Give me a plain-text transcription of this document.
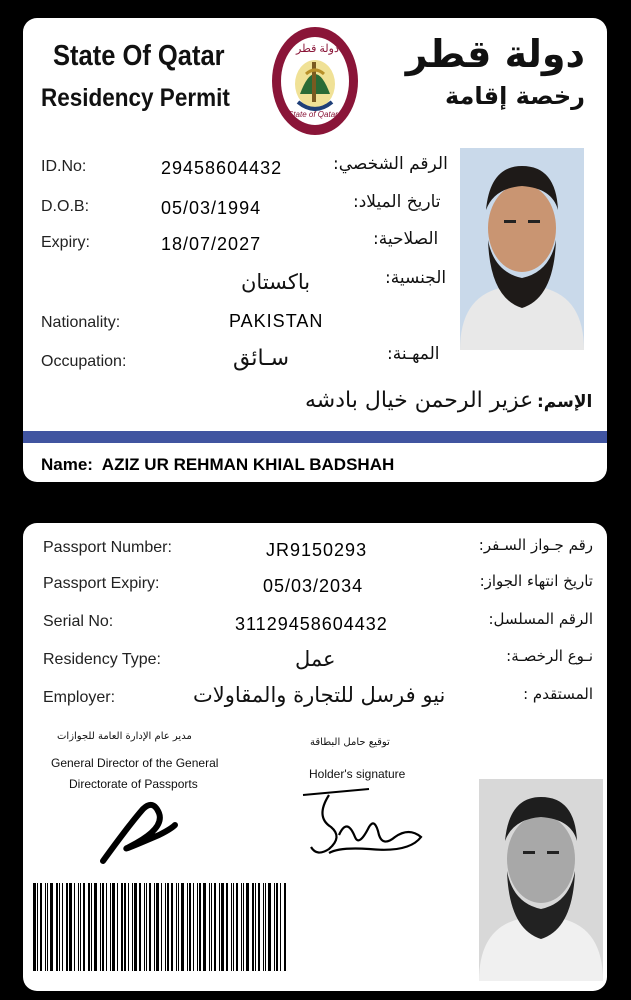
State Of Qatar
Residency Permit
دولة قطر
State of Qatar
دولة قطر
رخصة إقامة
ID.No:	29458604432	الرقم الشخصي:
D.O.B:	05/03/1994	تاريخ الميلاد:
Expiry:	18/07/2027	الصلاحية:
باكستان	الجنسية:
Nationality:	PAKISTAN
Occupation:	سـائق	المهـنة:
عزير الرحمن خيال بادشه الإسم:
Name: AZIZ UR REHMAN KHIAL BADSHAH
Passport Number:	JR9150293	رقم جـواز السـفر:
Passport Expiry:	05/03/2034	تاريخ انتهاء الجواز:
Serial No:	31129458604432	الرقم المسلسل:
Residency Type:	عمل	نـوع الرخصـة:
Employer:	نيو فرسل للتجارة والمقاولات	المستقدم :
مدير عام الإدارة العامة للجوازات
General Director of the General
Directorate of Passports
توقيع حامل البطاقة
Holder's signature
